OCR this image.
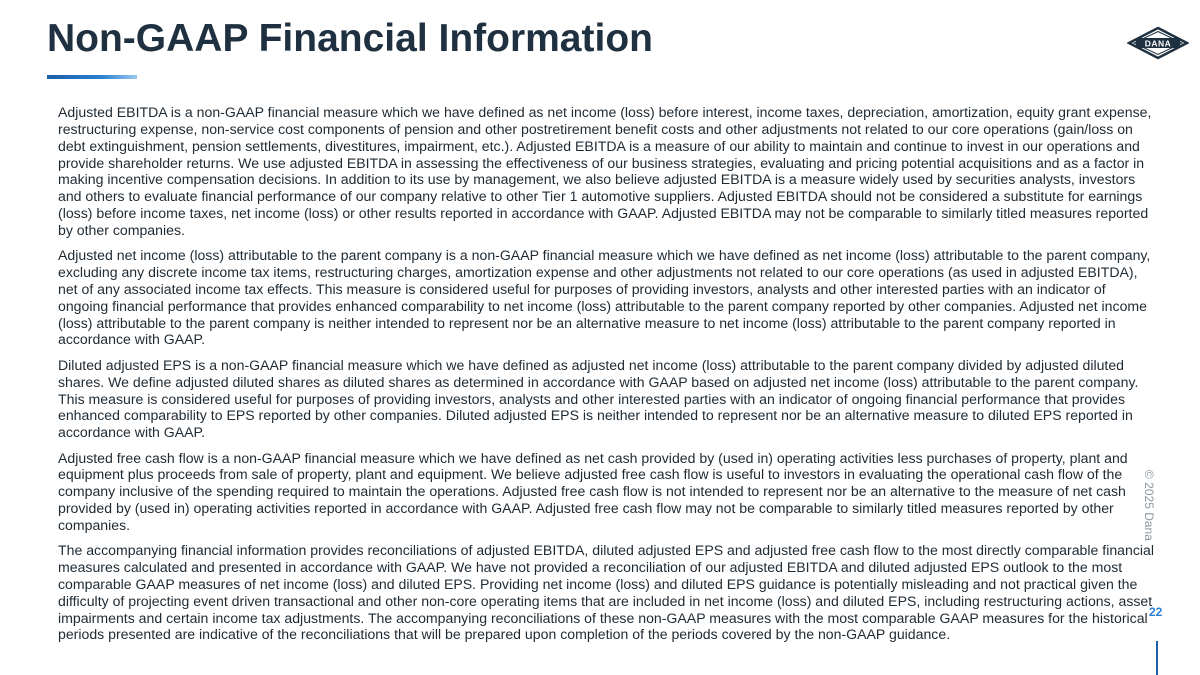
Non-GAAP Financial Information	DANA

Adjusted EBITDA is a non-GAAP financial measure which we have defined as net income (loss) before interest, income taxes, depreciation, amortization, equity grant expense, restructuring expense, non-service cost components of pension and other postretirement benefit costs and other adjustments not related to our core operations (gain/loss on debt extinguishment, pension settlements, divestitures, impairment, etc.). Adjusted EBITDA is a measure of our ability to maintain and continue to invest in our operations and provide shareholder returns. We use adjusted EBITDA in assessing the effectiveness of our business strategies, evaluating and pricing potential acquisitions and as a factor in making incentive compensation decisions. In addition to its use by management, we also believe adjusted EBITDA is a measure widely used by securities analysts, investors and others to evaluate financial performance of our company relative to other Tier 1 automotive suppliers. Adjusted EBITDA should not be considered a substitute for earnings (loss) before income taxes, net income (loss) or other results reported in accordance with GAAP. Adjusted EBITDA may not be comparable to similarly titled measures reported by other companies.

Adjusted net income (loss) attributable to the parent company is a non-GAAP financial measure which we have defined as net income (loss) attributable to the parent company, excluding any discrete income tax items, restructuring charges, amortization expense and other adjustments not related to our core operations (as used in adjusted EBITDA), net of any associated income tax effects. This measure is considered useful for purposes of providing investors, analysts and other interested parties with an indicator of ongoing financial performance that provides enhanced comparability to net income (loss) attributable to the parent company reported by other companies. Adjusted net income (loss) attributable to the parent company is neither intended to represent nor be an alternative measure to net income (loss) attributable to the parent company reported in accordance with GAAP.

Diluted adjusted EPS is a non-GAAP financial measure which we have defined as adjusted net income (loss) attributable to the parent company divided by adjusted diluted shares. We define adjusted diluted shares as diluted shares as determined in accordance with GAAP based on adjusted net income (loss) attributable to the parent company. This measure is considered useful for purposes of providing investors, analysts and other interested parties with an indicator of ongoing financial performance that provides enhanced comparability to EPS reported by other companies. Diluted adjusted EPS is neither intended to represent nor be an alternative measure to diluted EPS reported in accordance with GAAP.

Adjusted free cash flow is a non-GAAP financial measure which we have defined as net cash provided by (used in) operating activities less purchases of property, plant and equipment plus proceeds from sale of property, plant and equipment. We believe adjusted free cash flow is useful to investors in evaluating the operational cash flow of the company inclusive of the spending required to maintain the operations. Adjusted free cash flow is not intended to represent nor be an alternative to the measure of net cash provided by (used in) operating activities reported in accordance with GAAP. Adjusted free cash flow may not be comparable to similarly titled measures reported by other companies.

The accompanying financial information provides reconciliations of adjusted EBITDA, diluted adjusted EPS and adjusted free cash flow to the most directly comparable financial measures calculated and presented in accordance with GAAP. We have not provided a reconciliation of our adjusted EBITDA and diluted adjusted EPS outlook to the most comparable GAAP measures of net income (loss) and diluted EPS. Providing net income (loss) and diluted EPS guidance is potentially misleading and not practical given the difficulty of projecting event driven transactional and other non-core operating items that are included in net income (loss) and diluted EPS, including restructuring actions, asset impairments and certain income tax adjustments. The accompanying reconciliations of these non-GAAP measures with the most comparable GAAP measures for the historical periods presented are indicative of the reconciliations that will be prepared upon completion of the periods covered by the non-GAAP guidance.

© 2025 Dana
22
